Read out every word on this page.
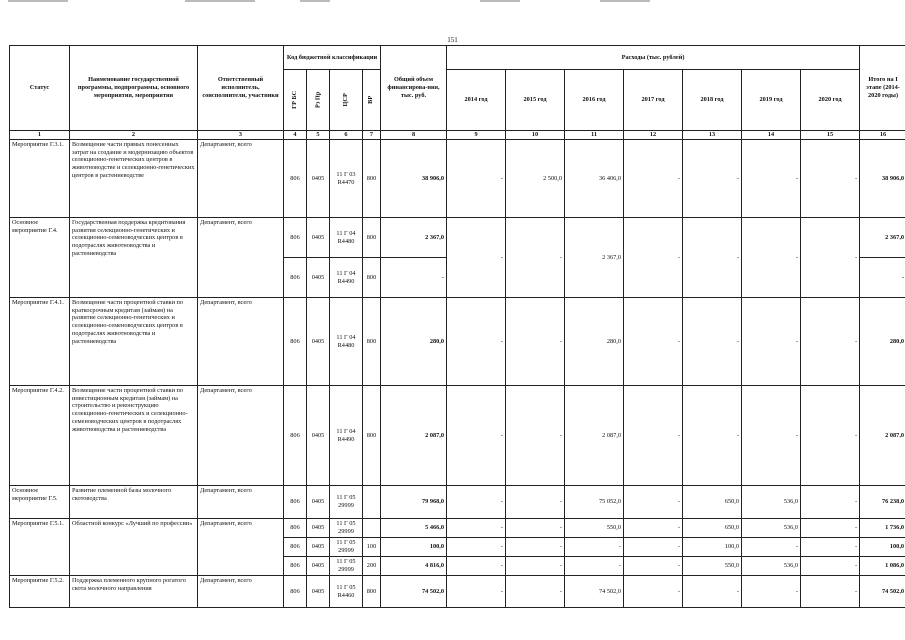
151
Статус	Наименование государственной программы, подпрограммы, основного мероприятия, мероприятия	Ответственный исполнитель, соисполнители, участники	Код бюджетной классификации				Общий объем финансирова-ния, тыс. руб.	Расходы (тыс. рублей)							Итого на I этапе (2014-2020 годы)
			ГР БС	Рз Пр	ЦСР	ВР		2014 год	2015 год	2016 год	2017 год	2018 год	2019 год	2020 год	
1	2	3	4	5	6	7	8	9	10	11	12	13	14	15	16
Мероприятие Г.3.1.	Возмещение части прямых понесенных затрат на создание и модернизацию объектов селекционно-генетических центров в животноводстве и селекционно-генетических центров в растениеводстве	Департамент, всего	806	0405	11 Г 03 R4470	800	38 906,0	-	2 500,0	36 406,0	-	-	-	-	38 906,0
Основное мероприятие Г.4.	Государственная поддержка кредитования развития селекционно-генетических и селекционно-семеноводческих центров в подотраслях животноводства и растениеводства	Департамент, всего	806	0405	11 Г 04 R4480	800	2 367,0	-	-	2 367,0	-	-	-	-	2 367,0
			806	0405	11 Г 04 R4490	800	-								-
Мероприятие Г.4.1.	Возмещение части процентной ставки по краткосрочным кредитам (займам) на развитие селекционно-генетических и селекционно-семеноводческих центров в подотраслях животноводства и растениеводства	Департамент, всего	806	0405	11 Г 04 R4480	800	280,0	-	-	280,0	-	-	-	-	280,0
Мероприятие Г.4.2.	Возмещение части процентной ставки по инвестиционным кредитам (займам) на строительство и реконструкцию селекционно-генетических и селекционно-семеноводческих центров в подотраслях животноводства и растениеводства	Департамент, всего	806	0405	11 Г 04 R4490	800	2 087,0	-	-	2 087,0	-	-	-	-	2 087,0
Основное мероприятие Г.5.	Развитие племенной базы молочного скотоводства	Департамент, всего	806	0405	11 Г 05 29999		79 968,0	-	-	75 052,0	-	650,0	536,0	-	76 238,0
Мероприятие Г.5.1.	Областной конкурс «Лучший по профессии»	Департамент, всего	806	0405	11 Г 05 29999		5 466,0	-	-	550,0	-	650,0	536,0	-	1 736,0
			806	0405	11 Г 05 29999	100	100,0	-	-	-	-	100,0	-	-	100,0
			806	0405	11 Г 05 29999	200	4 816,0	-	-	-	-	550,0	536,0	-	1 086,0
Мероприятие Г.5.2.	Поддержка племенного крупного рогатого скота молочного направления	Департамент, всего	806	0405	11 Г 05 R4460	800	74 502,0	-	-	74 502,0	-	-	-	-	74 502,0
